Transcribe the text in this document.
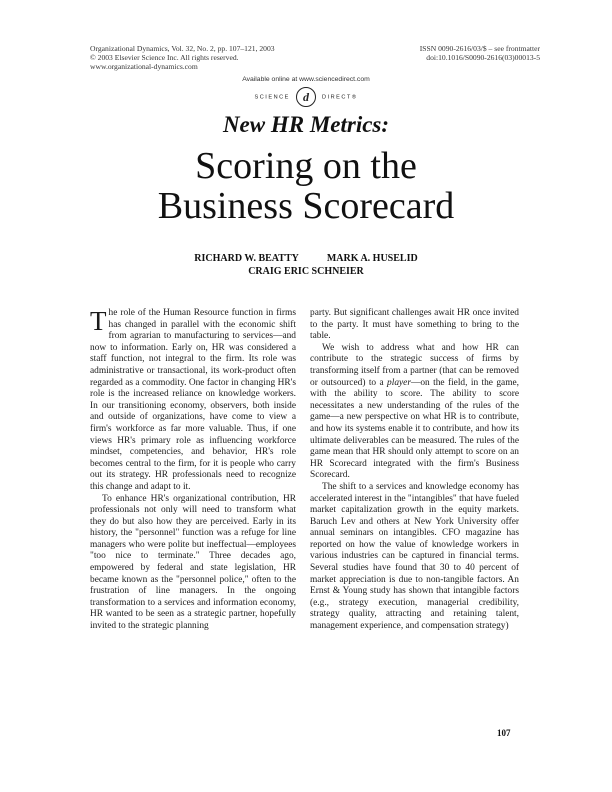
Organizational Dynamics, Vol. 32, No. 2, pp. 107–121, 2003
© 2003 Elsevier Science Inc. All rights reserved.
www.organizational-dynamics.com
ISSN 0090-2616/03/$ – see frontmatter
doi:10.1016/S0090-2616(03)00013-5
Available online at www.sciencedirect.com
SCIENCE d DIRECT®
New HR Metrics:
Scoring on the
Business Scorecard
RICHARD W. BEATTY	MARK A. HUSELID
CRAIG ERIC SCHNEIER

The role of the Human Resource function in firms has changed in parallel with the economic shift from agrarian to manufacturing to services—and now to information. Early on, HR was considered a staff function, not integral to the firm. Its role was administrative or transactional, its work-product often regarded as a commodity. One factor in changing HR's role is the increased reliance on knowledge workers. In our transitioning economy, observers, both inside and outside of organizations, have come to view a firm's workforce as far more valuable. Thus, if one views HR's primary role as influencing workforce mindset, competencies, and behavior, HR's role becomes central to the firm, for it is people who carry out its strategy. HR professionals need to recognize this change and adapt to it.

To enhance HR's organizational contribution, HR professionals not only will need to transform what they do but also how they are perceived. Early in its history, the "personnel" function was a refuge for line managers who were polite but ineffectual—employees "too nice to terminate." Three decades ago, empowered by federal and state legislation, HR became known as the "personnel police," often to the frustration of line managers. In the ongoing transformation to a services and information economy, HR wanted to be seen as a strategic partner, hopefully invited to the strategic planning

party. But significant challenges await HR once invited to the party. It must have something to bring to the table.

We wish to address what and how HR can contribute to the strategic success of firms by transforming itself from a partner (that can be removed or outsourced) to a player—on the field, in the game, with the ability to score. The ability to score necessitates a new understanding of the rules of the game—a new perspective on what HR is to contribute, and how its systems enable it to contribute, and how its ultimate deliverables can be measured. The rules of the game mean that HR should only attempt to score on an HR Scorecard integrated with the firm's Business Scorecard.

The shift to a services and knowledge economy has accelerated interest in the "intangibles" that have fueled market capitalization growth in the equity markets. Baruch Lev and others at New York University offer annual seminars on intangibles. CFO magazine has reported on how the value of knowledge workers in various industries can be captured in financial terms. Several studies have found that 30 to 40 percent of market appreciation is due to non-tangible factors. An Ernst & Young study has shown that intangible factors (e.g., strategy execution, managerial credibility, strategy quality, attracting and retaining talent, management experience, and compensation strategy)

107
